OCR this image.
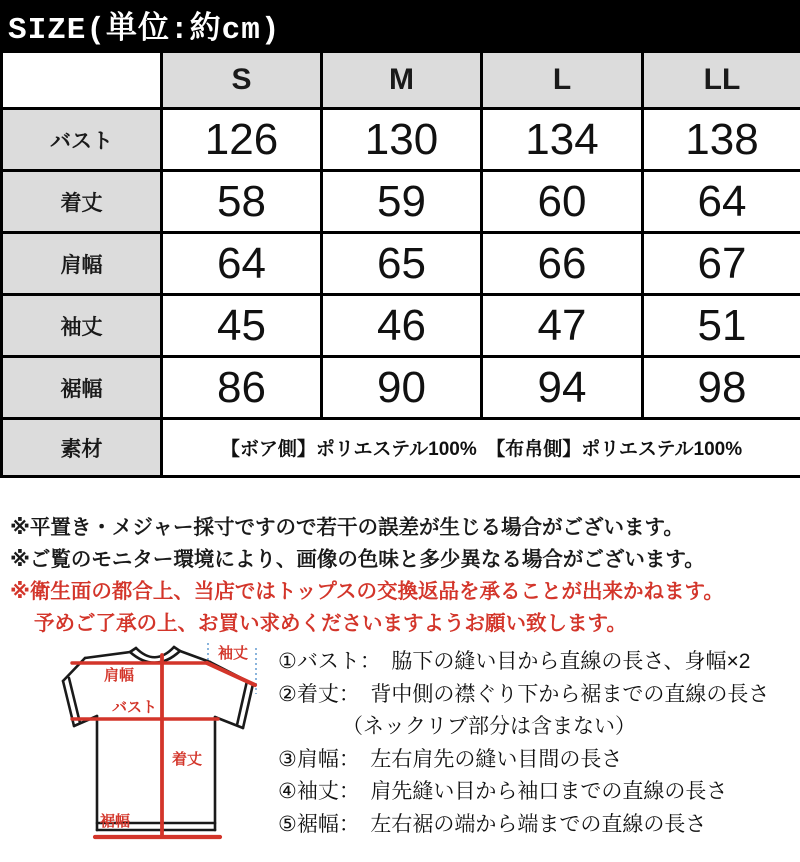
SIZE(単位:約cm)
	S	M	L	LL
バスト	126	130	134	138
着丈	58	59	60	64
肩幅	64	65	66	67
袖丈	45	46	47	51
裾幅	86	90	94	98
素材	【ボア側】ポリエステル100%　【布帛側】ポリエステル100%			
※平置き・メジャー採寸ですので若干の誤差が生じる場合がございます。
※ご覧のモニター環境により、画像の色味と多少異なる場合がございます。
※衛生面の都合上、当店ではトップスの交換返品を承ることが出来かねます。
予めご了承の上、お買い求めくださいますようお願い致します。
袖丈
肩幅
バスト
着丈
裾幅
①バスト：　脇下の縫い目から直線の長さ、身幅×2
②着丈：　背中側の襟ぐり下から裾までの直線の長さ
（ネックリブ部分は含まない）
③肩幅：　左右肩先の縫い目間の長さ
④袖丈：　肩先縫い目から袖口までの直線の長さ
⑤裾幅：　左右裾の端から端までの直線の長さ
